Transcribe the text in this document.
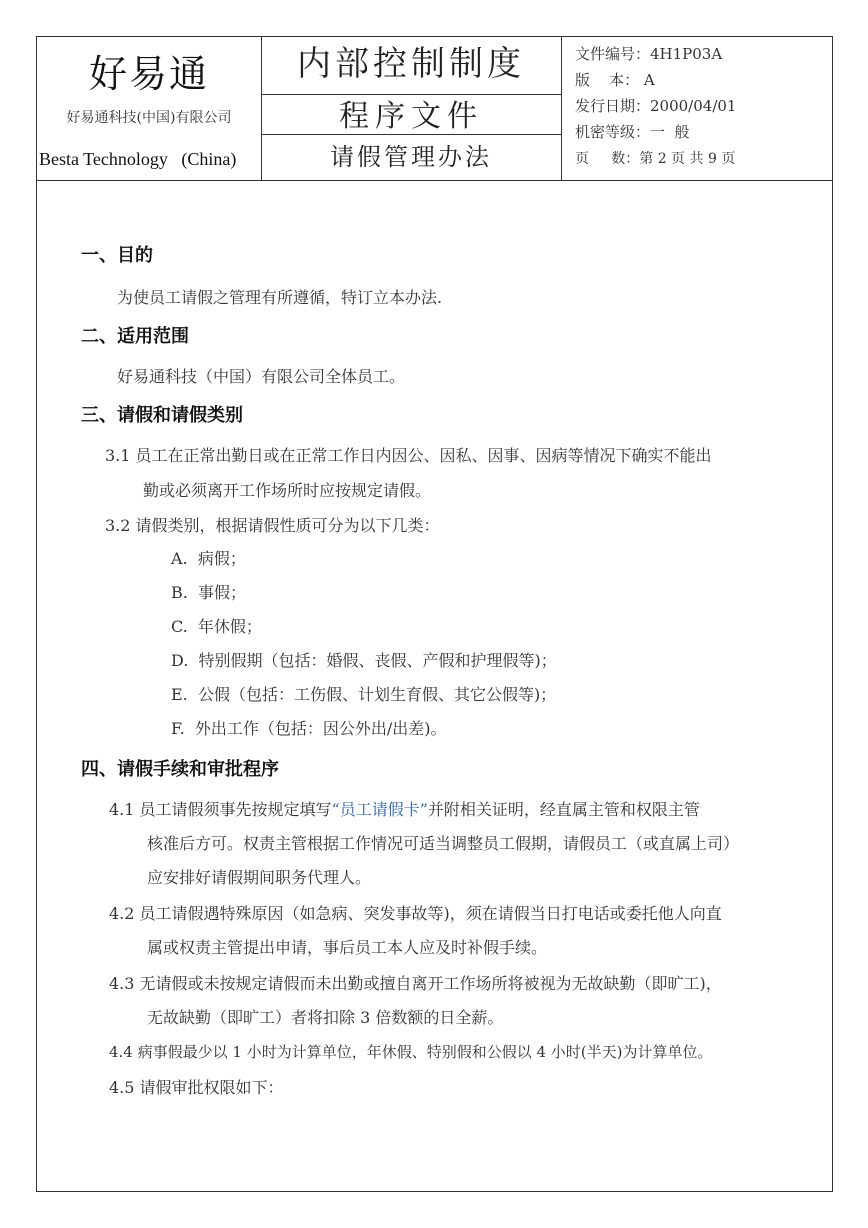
好易通
好易通科技(中国)有限公司
Besta Technology   (China)
内部控制制度
程序文件
请假管理办法
文件编号：4H1P03A
版    本： A
发行日期：2000/04/01
机密等级：一  般
页     数：第 2 页 共 9 页
一、目的
为使员工请假之管理有所遵循，特订立本办法.
二、适用范围
好易通科技（中国）有限公司全体员工。
三、请假和请假类别
3.1 员工在正常出勤日或在正常工作日内因公、因私、因事、因病等情况下确实不能出
勤或必须离开工作场所时应按规定请假。
3.2 请假类别，根据请假性质可分为以下几类：
A.  病假；
B.  事假；
C.  年休假；
D.  特别假期（包括：婚假、丧假、产假和护理假等)；
E.  公假（包括：工伤假、计划生育假、其它公假等)；
F.  外出工作（包括：因公外出/出差)。
四、请假手续和审批程序
4.1 员工请假须事先按规定填写“员工请假卡”并附相关证明，经直属主管和权限主管
核准后方可。权责主管根据工作情况可适当调整员工假期，请假员工（或直属上司）
应安排好请假期间职务代理人。
4.2 员工请假遇特殊原因（如急病、突发事故等)，须在请假当日打电话或委托他人向直
属或权责主管提出申请，事后员工本人应及时补假手续。
4.3 无请假或未按规定请假而未出勤或擅自离开工作场所将被视为无故缺勤（即旷工)，
无故缺勤（即旷工）者将扣除 3 倍数额的日全薪。
4.4 病事假最少以 1 小时为计算单位，年休假、特别假和公假以 4 小时(半天)为计算单位。
4.5 请假审批权限如下：
